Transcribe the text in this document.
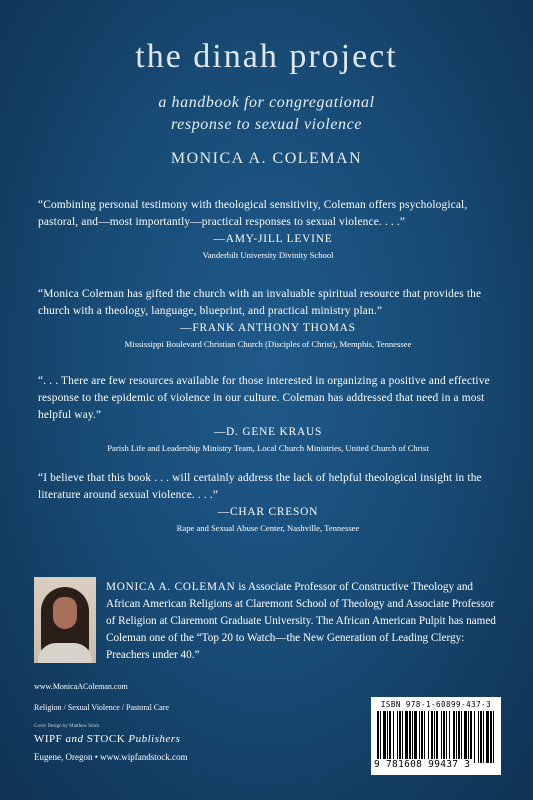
the dinah project
a handbook for congregational
response to sexual violence
MONICA A. COLEMAN
“Combining personal testimony with theological sensitivity, Coleman offers psychological, pastoral, and—most importantly—practical responses to sexual violence. . . .”
—AMY-JILL LEVINE
Vanderbilt University Divinity School
“Monica Coleman has gifted the church with an invaluable spiritual resource that provides the church with a theology, language, blueprint, and practical ministry plan.”
—FRANK ANTHONY THOMAS
Mississippi Boulevard Christian Church (Disciples of Christ), Memphis, Tennessee
“. . . There are few resources available for those interested in organizing a positive and effective response to the epidemic of violence in our culture. Coleman has addressed that need in a most helpful way.”
—D. GENE KRAUS
Parish Life and Leadership Ministry Team, Local Church Ministries, United Church of Christ
“I believe that this book . . . will certainly address the lack of helpful theological insight in the literature around sexual violence. . . .”
—CHAR CRESON
Rape and Sexual Abuse Center, Nashville, Tennessee
MONICA A. COLEMAN is Associate Professor of Constructive Theology and African American Religions at Claremont School of Theology and Associate Professor of Religion at Claremont Graduate University. The African American Pulpit has named Coleman one of the “Top 20 to Watch—the New Generation of Leading Clergy: Preachers under 40.”
www.MonicaAColeman.com
Religion / Sexual Violence / Pastoral Care
Cover Design by Matthew Stock
WIPF and STOCK Publishers
Eugene, Oregon • www.wipfandstock.com
ISBN 978-1-60899-437-3
9 781608 99437 3
